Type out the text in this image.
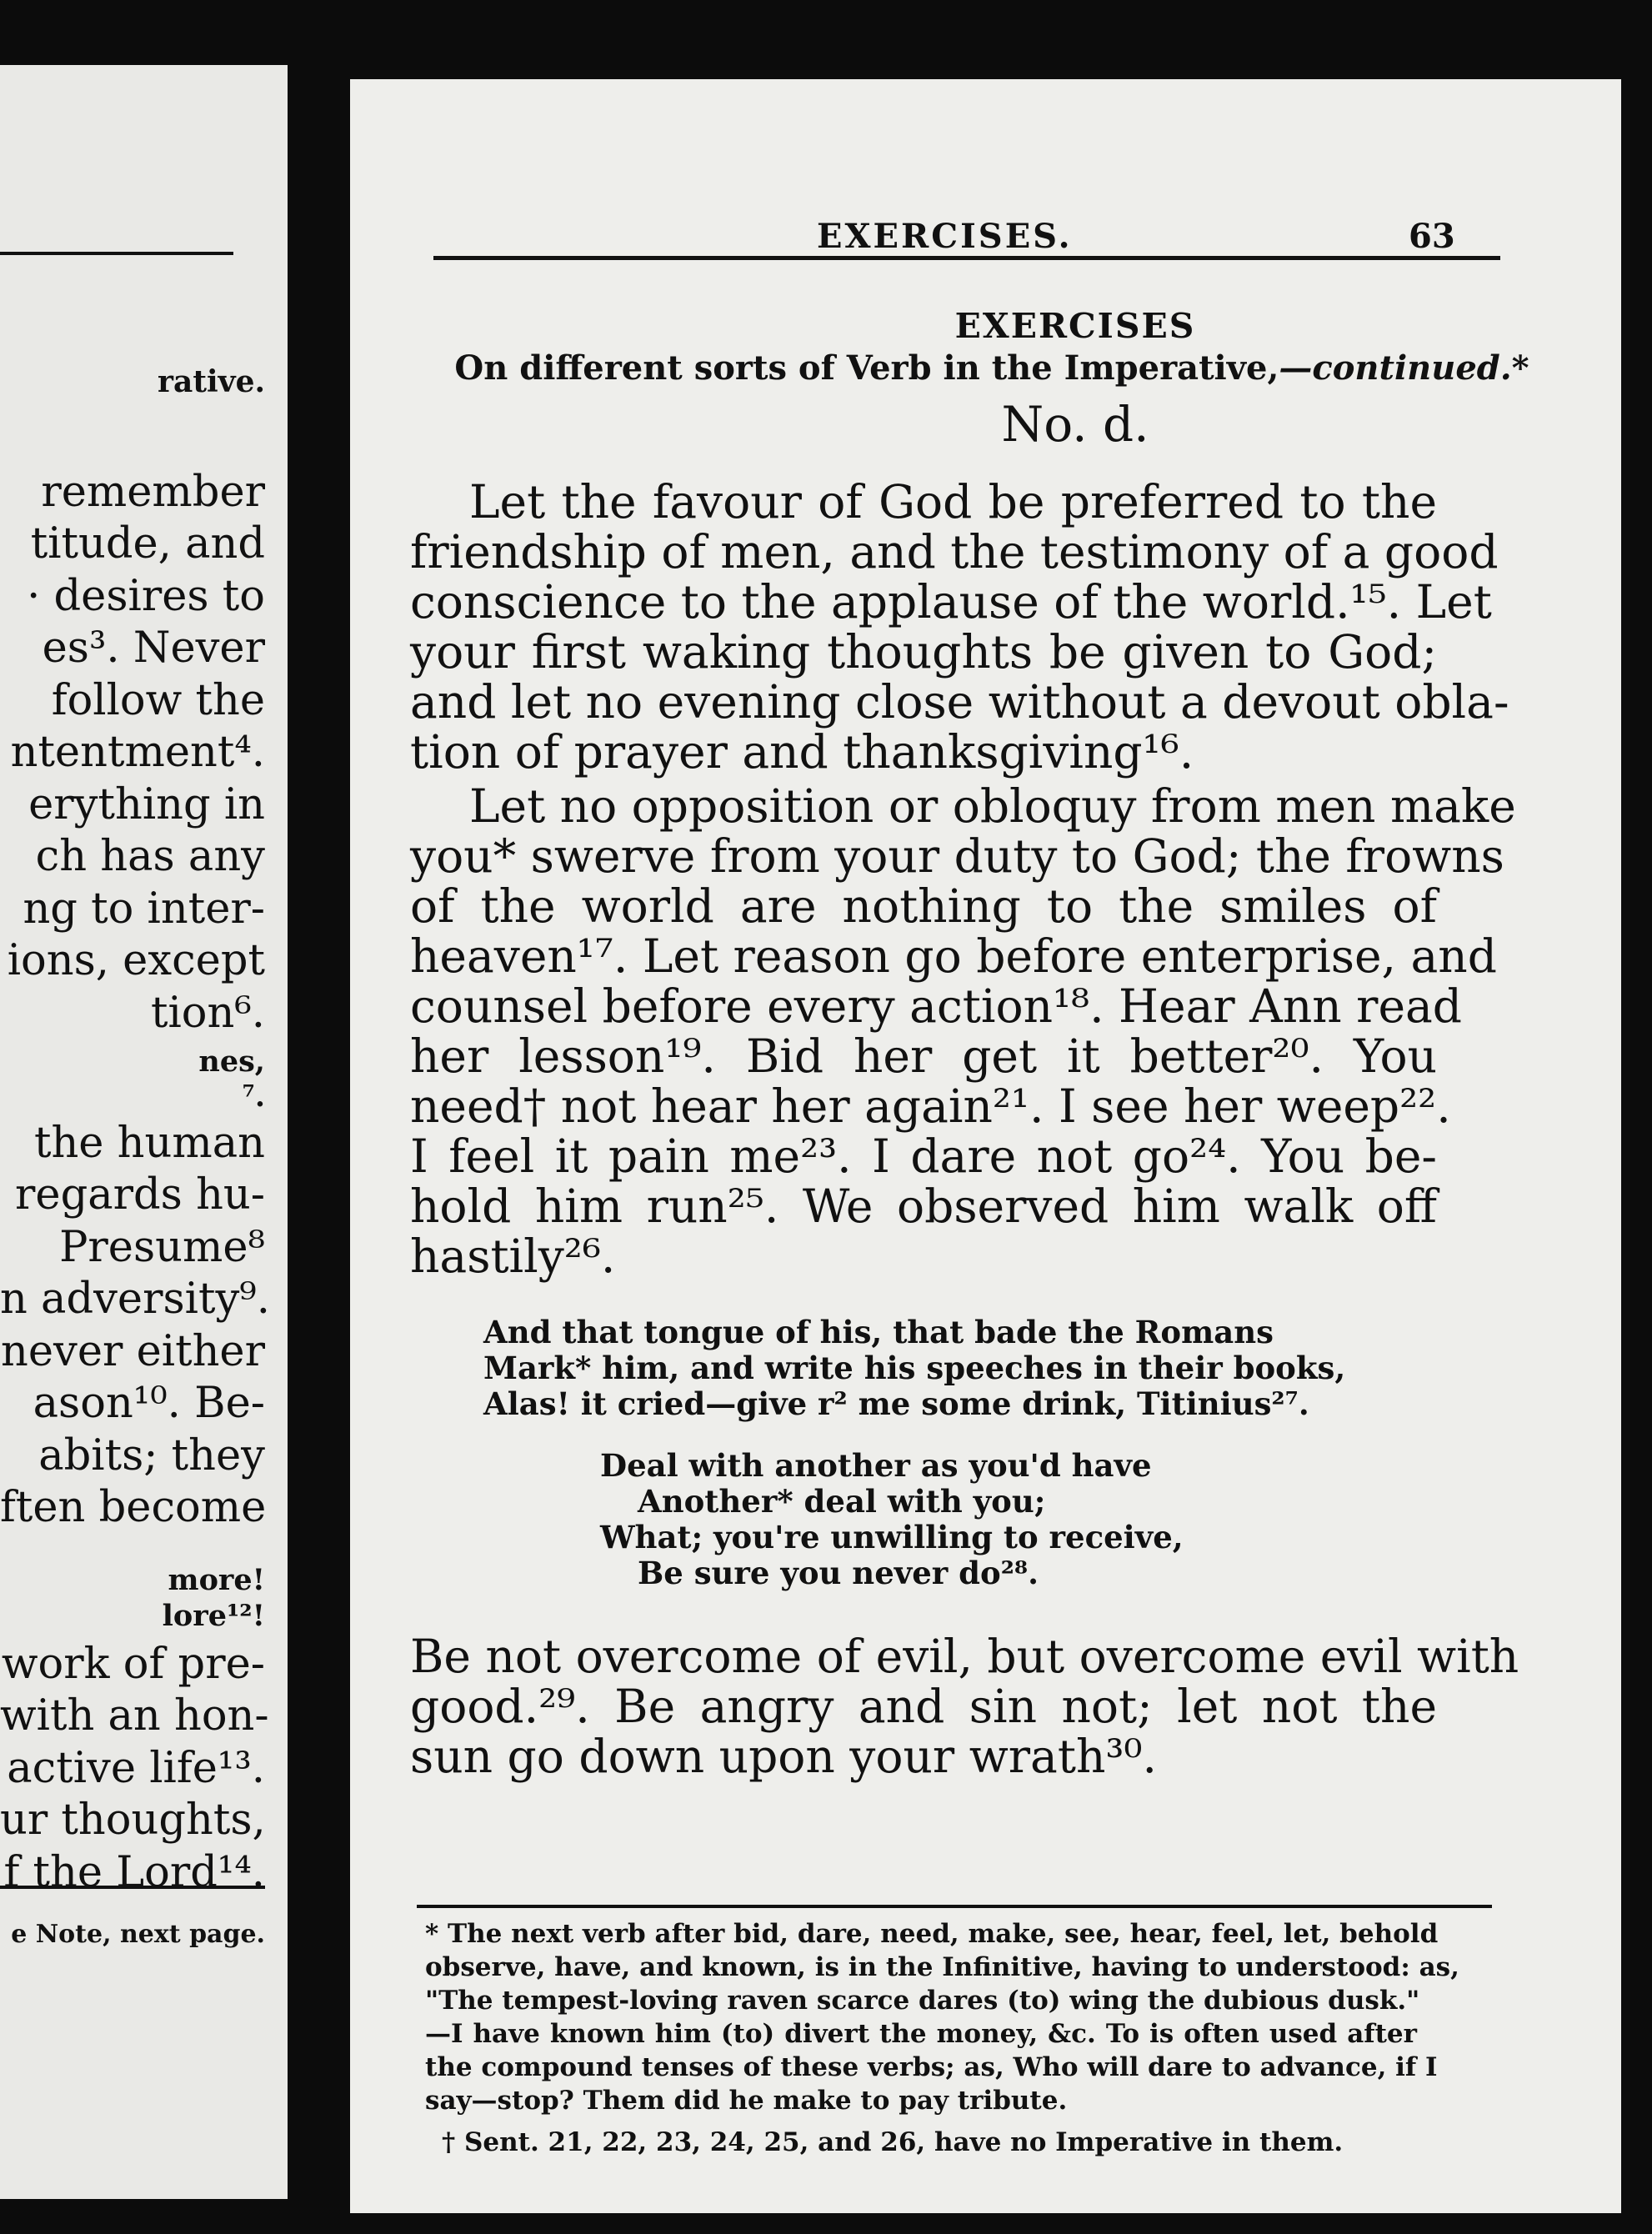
rative.
remember
titude, and
· desires to
es³. Never
follow the
ntentment⁴.
erything in
ch has any
ng to inter-
ions, except
tion⁶.
nes,
⁷.
the human
regards hu-
Presume⁸
n adversity⁹.
never either
ason¹⁰. Be-
abits; they
ften become
more!
lore¹²!
work of pre-
with an hon-
active life¹³.
ur thoughts,
f the Lord¹⁴.
e Note, next page.
EXERCISES.	63
EXERCISES
On different sorts of Verb in the Imperative,—continued.*
No. d.
Let the favour of God be preferred to the
friendship of men, and the testimony of a good
conscience to the applause of the world.¹⁵. Let
your first waking thoughts be given to God;
and let no evening close without a devout obla-
tion of prayer and thanksgiving¹⁶.
Let no opposition or obloquy from men make
you* swerve from your duty to God; the frowns
of the world are nothing to the smiles of
heaven¹⁷. Let reason go before enterprise, and
counsel before every action¹⁸. Hear Ann read
her lesson¹⁹. Bid her get it better²⁰. You
need† not hear her again²¹. I see her weep²².
I feel it pain me²³. I dare not go²⁴. You be-
hold him run²⁵. We observed him walk off
hastily²⁶.
And that tongue of his, that bade the Romans
Mark* him, and write his speeches in their books,
Alas! it cried—give r² me some drink, Titinius²⁷.
Deal with another as you'd have
Another* deal with you;
What; you're unwilling to receive,
Be sure you never do²⁸.
Be not overcome of evil, but overcome evil with
good.²⁹. Be angry and sin not; let not the
sun go down upon your wrath³⁰.
* The next verb after bid, dare, need, make, see, hear, feel, let, behold
observe, have, and known, is in the Infinitive, having to understood: as,
"The tempest-loving raven scarce dares (to) wing the dubious dusk."
—I have known him (to) divert the money, &c. To is often used after
the compound tenses of these verbs; as, Who will dare to advance, if I
say—stop? Them did he make to pay tribute.
† Sent. 21, 22, 23, 24, 25, and 26, have no Imperative in them.
